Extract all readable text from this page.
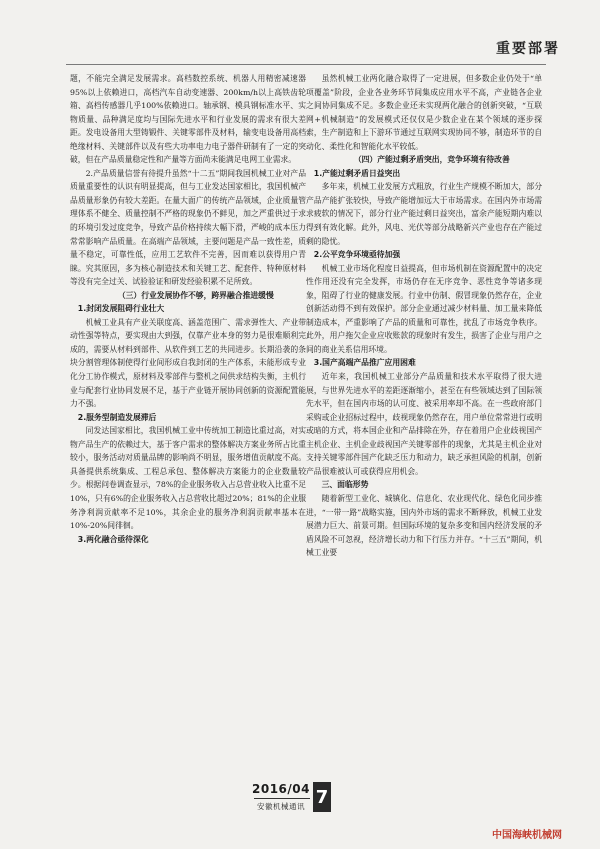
重要部署

题，不能完全满足发展需求。高档数控系统、机器人用精密减速器95%以上依赖进口，高档汽车自动变速器、200km/h以上高铁齿轮箱、高档传感器几乎100%依赖进口。轴承钢、模具钢标准水平、实物质量、品种满足度均与国际先进水平和行业发展的需求有很大差距。发电设备用大型铸锻件、关键零部件及材料，输变电设备用高档绝缘材料、关键部件以及有些大功率电力电子器件研制有了一定的突破，但在产品质量稳定性和产量等方面尚未能满足电网工业需求。

2.产品质量信誉有待提升虽然“十二五”期间我国机械工业对产品质量重要性的认识有明显提高，但与工业发达国家相比，我国机械产品质量形象仍有较大差距。在量大面广的传统产品领域，企业质量管理体系不健全、质量控制不严格的现象仍不鲜见，加之严重供过于求的环境引发过度竞争，导致产品价格持续大幅下滑，严峻的成本压力常常影响产品质量。在高端产品领域，主要问题是产品一致性差，质量不稳定，可靠性低，应用工艺软件不完善，因而难以获得用户青睐。究其原因，多为核心制造技术和关键工艺、配套件、特种原材料等没有完全过关、试验验证和研发经验积累不足所致。

（三）行业发展协作不够，跨界融合推进缓慢

1.封闭发展阻碍行业壮大

机械工业具有产业关联度高、涵盖范围广、需求弹性大、产业带动性强等特点，要实现由大到强，仅靠产业本身的努力是很难顺利完成的，需要从材料到部件、从软件到工艺的共同进步。长期沿袭的条块分割管理体制使得行业间形成自我封闭的生产体系，未能形成专业化分工协作模式，原材料及零部件与整机之间供求结构失衡，主机行业与配套行业协同发展不足，基于产业链开展协同创新的资源配置能力不强。

2.服务型制造发展滞后

同发达国家相比，我国机械工业中传统加工制造比重过高，对实物产品生产的依赖过大，基于客户需求的整体解决方案业务所占比重较小，服务活动对质量品牌的影响尚不明显，服务增值贡献度不高。具备提供系统集成、工程总承包、整体解决方案能力的企业数量较少。根据问卷调查显示，78%的企业服务收入占总营业收入比重不足10%，只有6%的企业服务收入占总营收比超过20%；81%的企业服务净利润贡献率不足10%，其余企业的服务净利润贡献率基本在10%-20%间徘徊。

3.两化融合亟待深化

虽然机械工业两化融合取得了一定进展，但多数企业仍处于“单项覆盖”阶段，企业各业务环节间集成应用水平不高，产业链各企业之间协同集成不足。多数企业还未实现两化融合的创新突破，“互联网+机械制造”的发展模式还仅仅是少数企业在某个领域的逐步探索，生产制造和上下游环节通过互联网实现协同不够，制造环节的自动化、柔性化和智能化水平较低。

（四）产能过剩矛盾突出，竞争环境有待改善

1.产能过剩矛盾日益突出

多年来，机械工业发展方式粗放，行业生产规模不断加大，部分产品产能扩张较快，导致产能增加远大于市场需求。在国内外市场需求疲软的情况下，部分行业产能过剩日益突出，富余产能短期内难以得到有效化解。此外，风电、光伏等部分战略新兴产业也存在产能过剩的隐忧。

2.公平竞争环境亟待加强

机械工业市场化程度日益提高，但市场机制在资源配置中的决定性作用还没有完全发挥，市场仍存在无序竞争、恶性竞争等诸多现象，阻碍了行业的健康发展。行业中仿制、假冒现象仍然存在，企业创新活动得不到有效保护。部分企业通过减少材料量、加工量来降低制造成本，严重影响了产品的质量和可靠性，扰乱了市场竞争秩序。此外，用户拖欠企业应收账款的现象时有发生，损害了企业与用户之间的商业关系信用环境。

3.国产高端产品推广应用困难

近年来，我国机械工业部分产品质量和技术水平取得了很大进展，与世界先进水平的差距逐渐缩小，甚至在有些领域达到了国际领先水平，但在国内市场的认可度、被采用率却不高。在一些政府部门采购或企业招标过程中，歧视现象仍然存在，用户单位常常进行或明或暗的方式，将本国企业和产品排除在外，存在着用户企业歧视国产主机企业、主机企业歧视国产关键零部件的现象，尤其是主机企业对支持关键零部件国产化缺乏压力和动力，缺乏承担风险的机制，创新产品很难被认可或获得应用机会。

三、面临形势

随着新型工业化、城镇化、信息化、农业现代化、绿色化同步推进，“一带一路”战略实施，国内外市场的需求不断释放，机械工业发展潜力巨大、前景可期。但国际环境的复杂多变和国内经济发展的矛盾风险不可忽视，经济增长动力和下行压力并存。“十三五”期间，机械工业要

2016/04
安徽机械通讯 7
中国海峡机械网
